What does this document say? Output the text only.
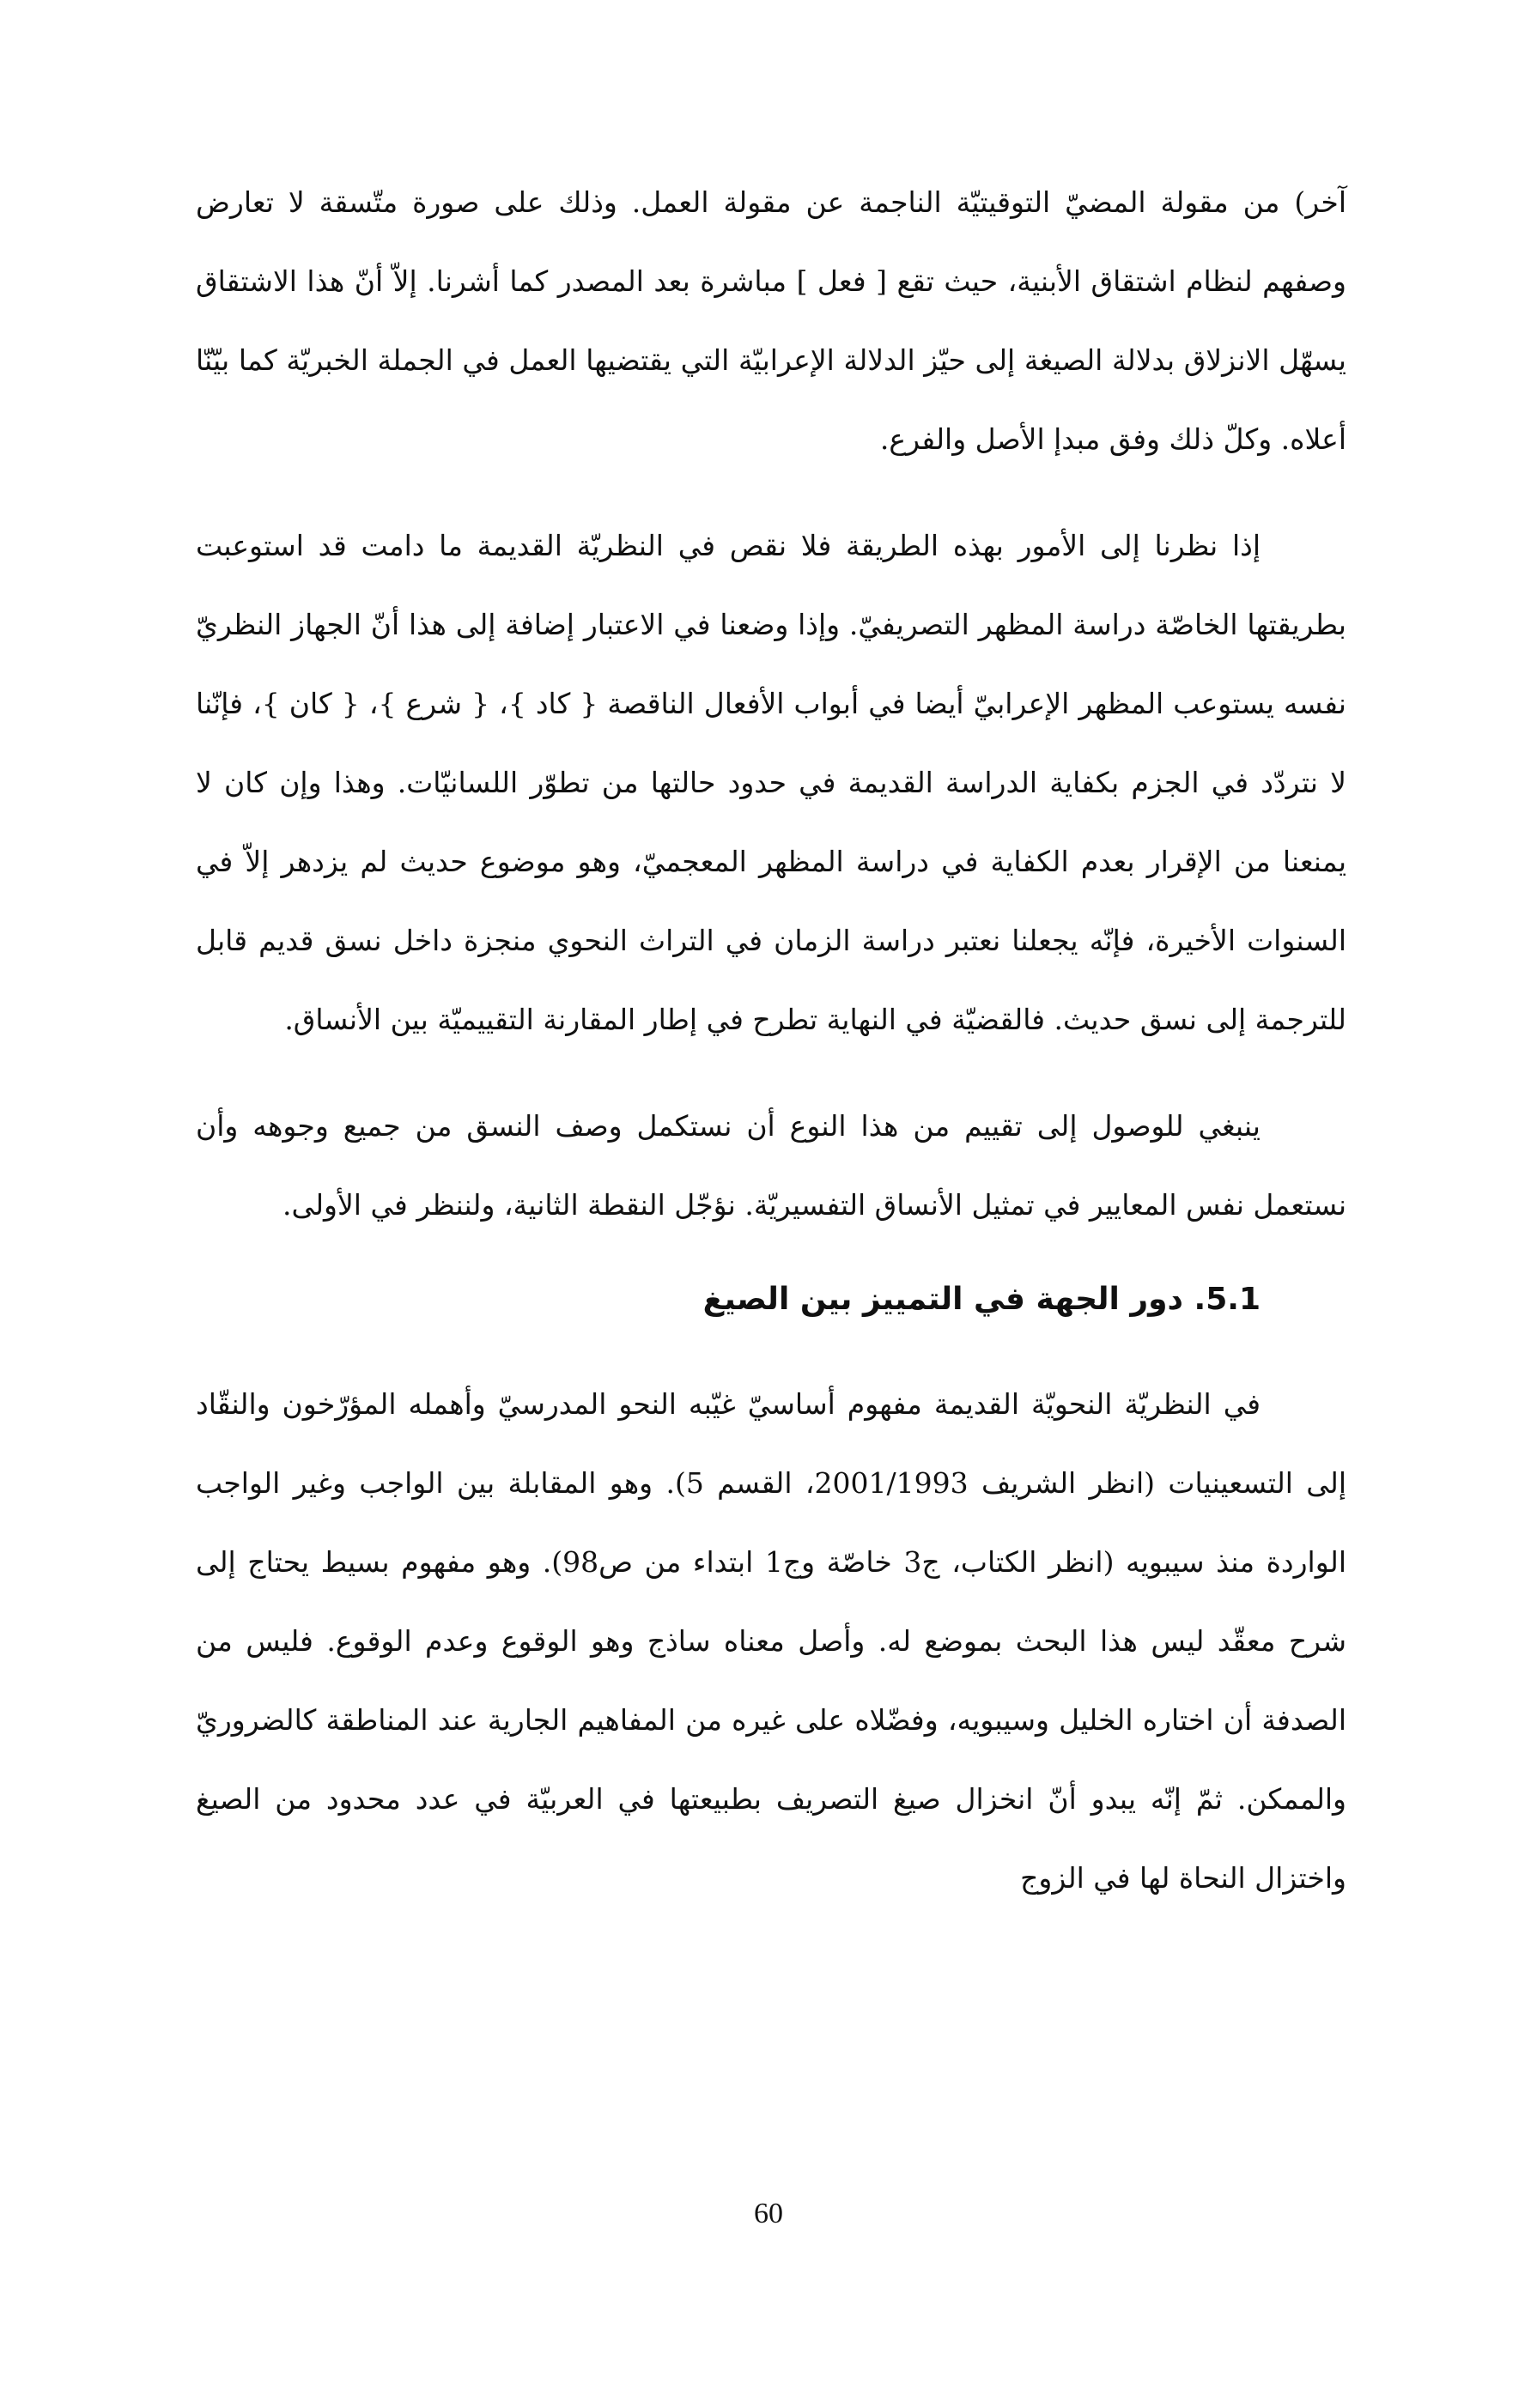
آخر) من مقولة المضيّ التوقيتيّة الناجمة عن مقولة العمل. وذلك على صورة متّسقة لا تعارض وصفهم لنظام اشتقاق الأبنية، حيث تقع [ فعل ] مباشرة بعد المصدر كما أشرنا. إلاّ أنّ هذا الاشتقاق يسهّل الانزلاق بدلالة الصيغة إلى حيّز الدلالة الإعرابيّة التي يقتضيها العمل في الجملة الخبريّة كما بيّنّا أعلاه. وكلّ ذلك وفق مبدإ الأصل والفرع.

إذا نظرنا إلى الأمور بهذه الطريقة فلا نقص في النظريّة القديمة ما دامت قد استوعبت بطريقتها الخاصّة دراسة المظهر التصريفيّ. وإذا وضعنا في الاعتبار إضافة إلى هذا أنّ الجهاز النظريّ نفسه يستوعب المظهر الإعرابيّ أيضا في أبواب الأفعال الناقصة { كاد }، { شرع }، { كان }، فإنّنا لا نتردّد في الجزم بكفاية الدراسة القديمة في حدود حالتها من تطوّر اللسانيّات. وهذا وإن كان لا يمنعنا من الإقرار بعدم الكفاية في دراسة المظهر المعجميّ، وهو موضوع حديث لم يزدهر إلاّ في السنوات الأخيرة، فإنّه يجعلنا نعتبر دراسة الزمان في التراث النحوي منجزة داخل نسق قديم قابل للترجمة إلى نسق حديث. فالقضيّة في النهاية تطرح في إطار المقارنة التقييميّة بين الأنساق.

ينبغي للوصول إلى تقييم من هذا النوع أن نستكمل وصف النسق من جميع وجوهه وأن نستعمل نفس المعايير في تمثيل الأنساق التفسيريّة. نؤجّل النقطة الثانية، ولننظر في الأولى.

5.1. دور الجهة في التمييز بين الصيغ

في النظريّة النحويّة القديمة مفهوم أساسيّ غيّبه النحو المدرسيّ وأهمله المؤرّخون والنقّاد إلى التسعينيات (انظر الشريف 2001/1993، القسم 5). وهو المقابلة بين الواجب وغير الواجب الواردة منذ سيبويه (انظر الكتاب، ج3 خاصّة وج1 ابتداء من ص98). وهو مفهوم بسيط يحتاج إلى شرح معقّد ليس هذا البحث بموضع له. وأصل معناه ساذج وهو الوقوع وعدم الوقوع. فليس من الصدفة أن اختاره الخليل وسيبويه، وفضّلاه على غيره من المفاهيم الجارية عند المناطقة كالضروريّ والممكن. ثمّ إنّه يبدو أنّ انخزال صيغ التصريف بطبيعتها في العربيّة في عدد محدود من الصيغ واختزال النحاة لها في الزوج

60
